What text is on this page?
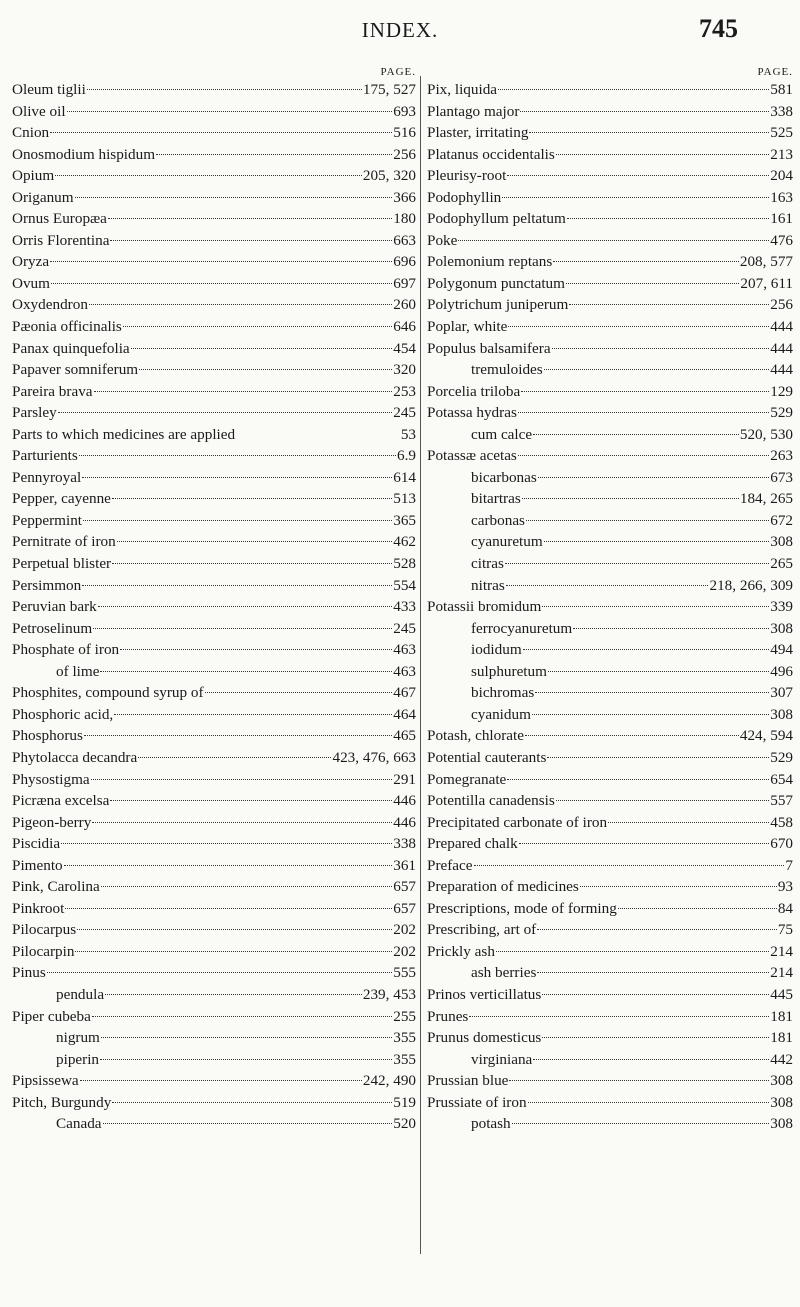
INDEX.	745
PAGE.
Oleum tiglii	175, 527
Olive oil	693
Cnion	516
Onosmodium hispidum	256
Opium	205, 320
Origanum	366
Ornus Europæa	180
Orris Florentina	663
Oryza	696
Ovum	697
Oxydendron	260
Pæonia officinalis	646
Panax quinquefolia	454
Papaver somniferum	320
Pareira brava	253
Parsley	245
Parts to which medicines are applied	53
Parturients	6.9
Pennyroyal	614
Pepper, cayenne	513
Peppermint	365
Pernitrate of iron	462
Perpetual blister	528
Persimmon	554
Peruvian bark	433
Petroselinum	245
Phosphate of iron	463
of lime	463
Phosphites, compound syrup of	467
Phosphoric acid,	464
Phosphorus	465
Phytolacca decandra	423, 476, 663
Physostigma	291
Picræna excelsa	446
Pigeon-berry	446
Piscidia	338
Pimento	361
Pink, Carolina	657
Pinkroot	657
Pilocarpus	202
Pilocarpin	202
Pinus	555
pendula	239, 453
Piper cubeba	255
nigrum	355
piperin	355
Pipsissewa	242, 490
Pitch, Burgundy	519
Canada	520
PAGE.
Pix, liquida	581
Plantago major	338
Plaster, irritating	525
Platanus occidentalis	213
Pleurisy-root	204
Podophyllin	163
Podophyllum peltatum	161
Poke	476
Polemonium reptans	208, 577
Polygonum punctatum	207, 611
Polytrichum juniperum	256
Poplar, white	444
Populus balsamifera	444
tremuloides	444
Porcelia triloba	129
Potassa hydras	529
cum calce	520, 530
Potassæ acetas	263
bicarbonas	673
bitartras	184, 265
carbonas	672
cyanuretum	308
citras	265
nitras	218, 266, 309
Potassii bromidum	339
ferrocyanuretum	308
iodidum	494
sulphuretum	496
bichromas	307
cyanidum	308
Potash, chlorate	424, 594
Potential cauterants	529
Pomegranate	654
Potentilla canadensis	557
Precipitated carbonate of iron	458
Prepared chalk	670
Preface	7
Preparation of medicines	93
Prescriptions, mode of forming	84
Prescribing, art of	75
Prickly ash	214
ash berries	214
Prinos verticillatus	445
Prunes	181
Prunus domesticus	181
virginiana	442
Prussian blue	308
Prussiate of iron	308
potash	308
